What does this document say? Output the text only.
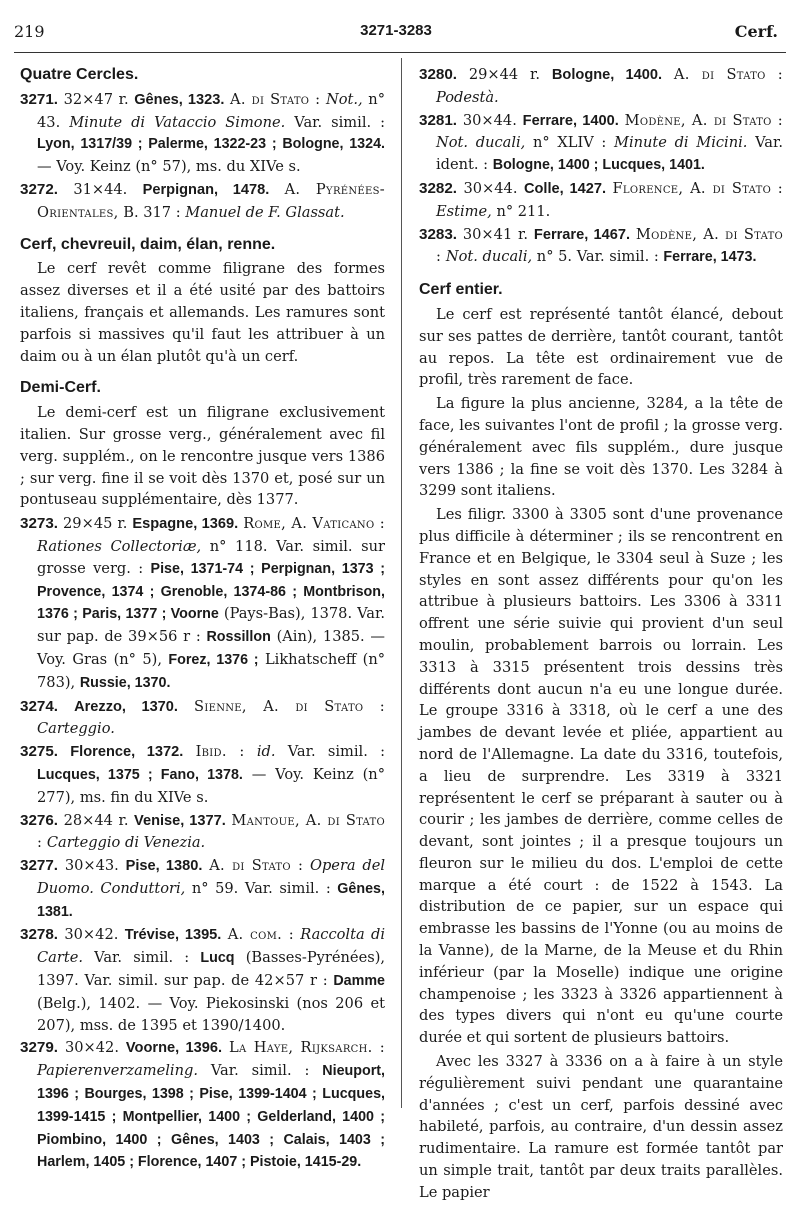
219	3271-3283	Cerf.
Quatre Cercles.
3271. 32×47 r. Gênes, 1323. A. di Stato : Not., n° 43. Minute di Vataccio Simone. Var. simil. : Lyon, 1317/39 ; Palerme, 1322-23 ; Bologne, 1324. — Voy. Keinz (n° 57), ms. du XIVe s.
3272. 31×44. Perpignan, 1478. A. Pyrénées-Orientales, B. 317 : Manuel de F. Glassat.
Cerf, chevreuil, daim, élan, renne.

Le cerf revêt comme filigrane des formes assez diverses et il a été usité par des battoirs italiens, français et allemands. Les ramures sont parfois si massives qu'il faut les attribuer à un daim ou à un élan plutôt qu'à un cerf.

Demi-Cerf.

Le demi-cerf est un filigrane exclusivement italien. Sur grosse verg., généralement avec fil verg. supplém., on le rencontre jusque vers 1386 ; sur verg. fine il se voit dès 1370 et, posé sur un pontuseau supplémentaire, dès 1377.

3273. 29×45 r. Espagne, 1369. Rome, A. Vaticano : Rationes Collectoriæ, n° 118. Var. simil. sur grosse verg. : Pise, 1371-74 ; Perpignan, 1373 ; Provence, 1374 ; Grenoble, 1374-86 ; Montbrison, 1376 ; Paris, 1377 ; Voorne (Pays-Bas), 1378. Var. sur pap. de 39×56 r : Rossillon (Ain), 1385. — Voy. Gras (n° 5), Forez, 1376 ; Likhatscheff (n° 783), Russie, 1370.
3274. Arezzo, 1370. Sienne, A. di Stato : Carteggio.
3275. Florence, 1372. Ibid. : id. Var. simil. : Lucques, 1375 ; Fano, 1378. — Voy. Keinz (n° 277), ms. fin du XIVe s.
3276. 28×44 r. Venise, 1377. Mantoue, A. di Stato : Carteggio di Venezia.
3277. 30×43. Pise, 1380. A. di Stato : Opera del Duomo. Conduttori, n° 59. Var. simil. : Gênes, 1381.
3278. 30×42. Trévise, 1395. A. com. : Raccolta di Carte. Var. simil. : Lucq (Basses-Pyrénées), 1397. Var. simil. sur pap. de 42×57 r : Damme (Belg.), 1402. — Voy. Piekosinski (nos 206 et 207), mss. de 1395 et 1390/1400.
3279. 30×42. Voorne, 1396. La Haye, Rijksarch. : Papierenverzameling. Var. simil. : Nieuport, 1396 ; Bourges, 1398 ; Pise, 1399-1404 ; Lucques, 1399-1415 ; Montpellier, 1400 ; Gelderland, 1400 ; Piombino, 1400 ; Gênes, 1403 ; Calais, 1403 ; Harlem, 1405 ; Florence, 1407 ; Pistoie, 1415-29.
3280. 29×44 r. Bologne, 1400. A. di Stato : Podestà.
3281. 30×44. Ferrare, 1400. Modène, A. di Stato : Not. ducali, n° XLIV : Minute di Micini. Var. ident. : Bologne, 1400 ; Lucques, 1401.
3282. 30×44. Colle, 1427. Florence, A. di Stato : Estime, n° 211.
3283. 30×41 r. Ferrare, 1467. Modène, A. di Stato : Not. ducali, n° 5. Var. simil. : Ferrare, 1473.
Cerf entier.

Le cerf est représenté tantôt élancé, debout sur ses pattes de derrière, tantôt courant, tantôt au repos. La tête est ordinairement vue de profil, très rarement de face.

La figure la plus ancienne, 3284, a la tête de face, les suivantes l'ont de profil ; la grosse verg. généralement avec fils supplém., dure jusque vers 1386 ; la fine se voit dès 1370. Les 3284 à 3299 sont italiens.

Les filigr. 3300 à 3305 sont d'une provenance plus difficile à déterminer ; ils se rencontrent en France et en Belgique, le 3304 seul à Suze ; les styles en sont assez différents pour qu'on les attribue à plusieurs battoirs. Les 3306 à 3311 offrent une série suivie qui provient d'un seul moulin, probablement barrois ou lorrain. Les 3313 à 3315 présentent trois dessins très différents dont aucun n'a eu une longue durée. Le groupe 3316 à 3318, où le cerf a une des jambes de devant levée et pliée, appartient au nord de l'Allemagne. La date du 3316, toutefois, a lieu de surprendre. Les 3319 à 3321 représentent le cerf se préparant à sauter ou à courir ; les jambes de derrière, comme celles de devant, sont jointes ; il a presque toujours un fleuron sur le milieu du dos. L'emploi de cette marque a été court : de 1522 à 1543. La distribution de ce papier, sur un espace qui embrasse les bassins de l'Yonne (ou au moins de la Vanne), de la Marne, de la Meuse et du Rhin inférieur (par la Moselle) indique une origine champenoise ; les 3323 à 3326 appartiennent à des types divers qui n'ont eu qu'une courte durée et qui sortent de plusieurs battoirs.

Avec les 3327 à 3336 on a à faire à un style régulièrement suivi pendant une quarantaine d'années ; c'est un cerf, parfois dessiné avec habileté, parfois, au contraire, d'un dessin assez rudimentaire. La ramure est formée tantôt par un simple trait, tantôt par deux traits parallèles. Le papier
